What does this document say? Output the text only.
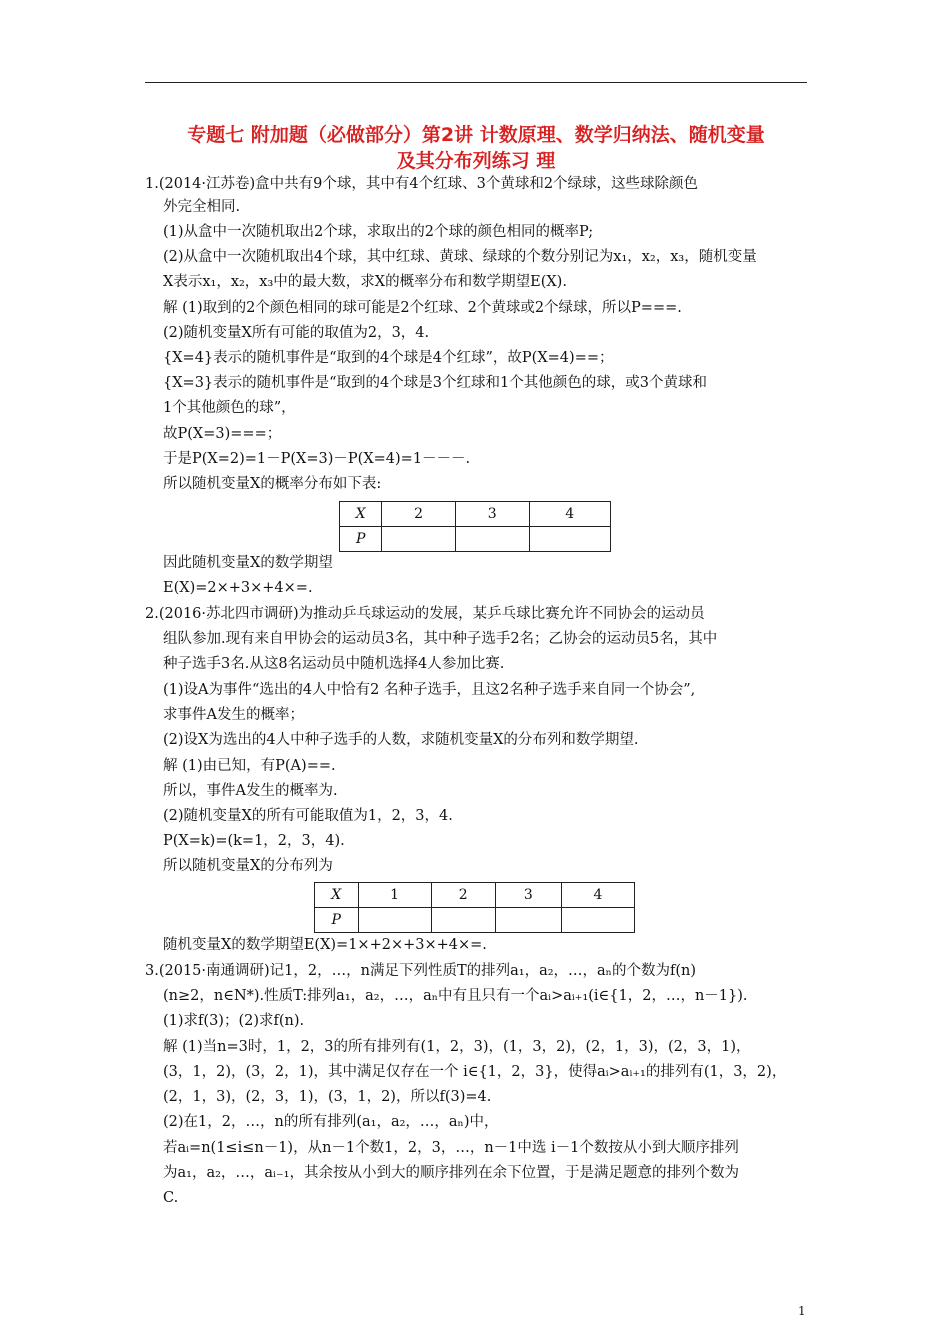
专题七 附加题（必做部分）第2讲 计数原理、数学归纳法、随机变量
及其分布列练习 理
1.(2014·江苏卷)盒中共有9个球，其中有4个红球、3个黄球和2个绿球，这些球除颜色
外完全相同.
(1)从盒中一次随机取出2个球，求取出的2个球的颜色相同的概率P;
(2)从盒中一次随机取出4个球，其中红球、黄球、绿球的个数分别记为x₁，x₂，x₃，随机变量
X表示x₁，x₂，x₃中的最大数，求X的概率分布和数学期望E(X).
解 (1)取到的2个颜色相同的球可能是2个红球、2个黄球或2个绿球，所以P===.
(2)随机变量X所有可能的取值为2，3，4.
{X=4}表示的随机事件是“取到的4个球是4个红球”，故P(X=4)==；
{X=3}表示的随机事件是“取到的4个球是3个红球和1个其他颜色的球，或3个黄球和
1个其他颜色的球”，
故P(X=3)===；
于是P(X=2)=1－P(X=3)－P(X=4)=1－－－.
所以随机变量X的概率分布如下表:
X	2	3	4
P			
因此随机变量X的数学期望
E(X)=2×+3×+4×=.
2.(2016·苏北四市调研)为推动乒乓球运动的发展，某乒乓球比赛允许不同协会的运动员
组队参加.现有来自甲协会的运动员3名，其中种子选手2名；乙协会的运动员5名，其中
种子选手3名.从这8名运动员中随机选择4人参加比赛.
(1)设A为事件“选出的4人中恰有2 名种子选手，且这2名种子选手来自同一个协会”,
求事件A发生的概率；
(2)设X为选出的4人中种子选手的人数，求随机变量X的分布列和数学期望.
解 (1)由已知，有P(A)==.
所以，事件A发生的概率为.
(2)随机变量X的所有可能取值为1，2，3，4.
P(X=k)=(k=1，2，3，4).
所以随机变量X的分布列为
X	1	2	3	4
P				
随机变量X的数学期望E(X)=1×+2×+3×+4×=.
3.(2015·南通调研)记1，2，…，n满足下列性质T的排列a₁，a₂，…，aₙ的个数为f(n)
(n≥2，n∈N*).性质T:排列a₁，a₂，…，aₙ中有且只有一个aᵢ>aᵢ₊₁(i∈{1，2，…，n－1}).
(1)求f(3)；(2)求f(n).
解 (1)当n=3时，1，2，3的所有排列有(1，2，3)，(1，3，2)，(2，1，3)，(2，3，1)，
(3，1，2)，(3，2，1)，其中满足仅存在一个 i∈{1，2，3}，使得aᵢ>aᵢ₊₁的排列有(1，3，2)，
(2，1，3)，(2，3，1)，(3，1，2)，所以f(3)=4.
(2)在1，2，…，n的所有排列(a₁，a₂，…，aₙ)中，
若aᵢ=n(1≤i≤n－1)，从n－1个数1，2，3，…，n－1中选 i－1个数按从小到大顺序排列
为a₁，a₂，…，aᵢ₋₁，其余按从小到大的顺序排列在余下位置，于是满足题意的排列个数为
C.
1
